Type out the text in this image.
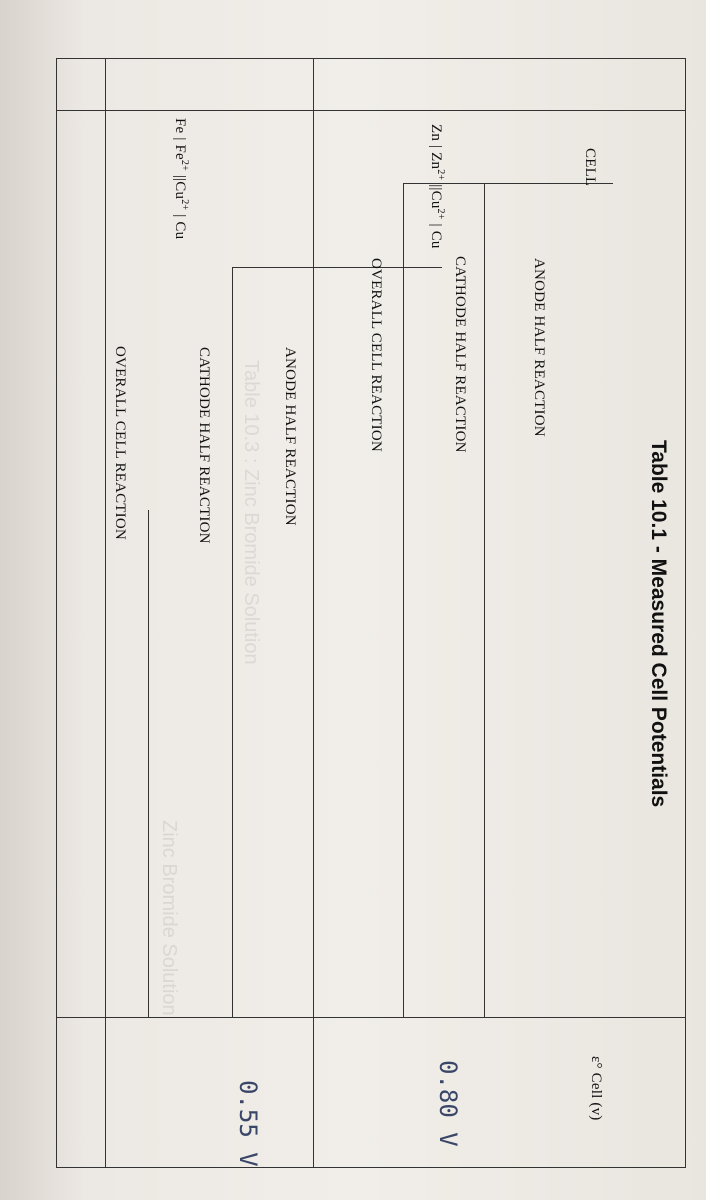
Table 10.3 : Zinc Bromide Solution
Zinc Bromide Solution
Table 10.1 - Measured Cell Potentials
CELL
ε° Cell (v)
Zn | $Zn^{2+}$ $||Cu^{2+}$ | Cu
ANODE HALF REACTION
CATHODE HALF REACTION
OVERALL CELL REACTION
0.80 V
Fe | $Fe^{2+}$ $||Cu^{2+}$ | Cu
ANODE HALF REACTION
CATHODE HALF REACTION
OVERALL CELL REACTION
0.55 V
